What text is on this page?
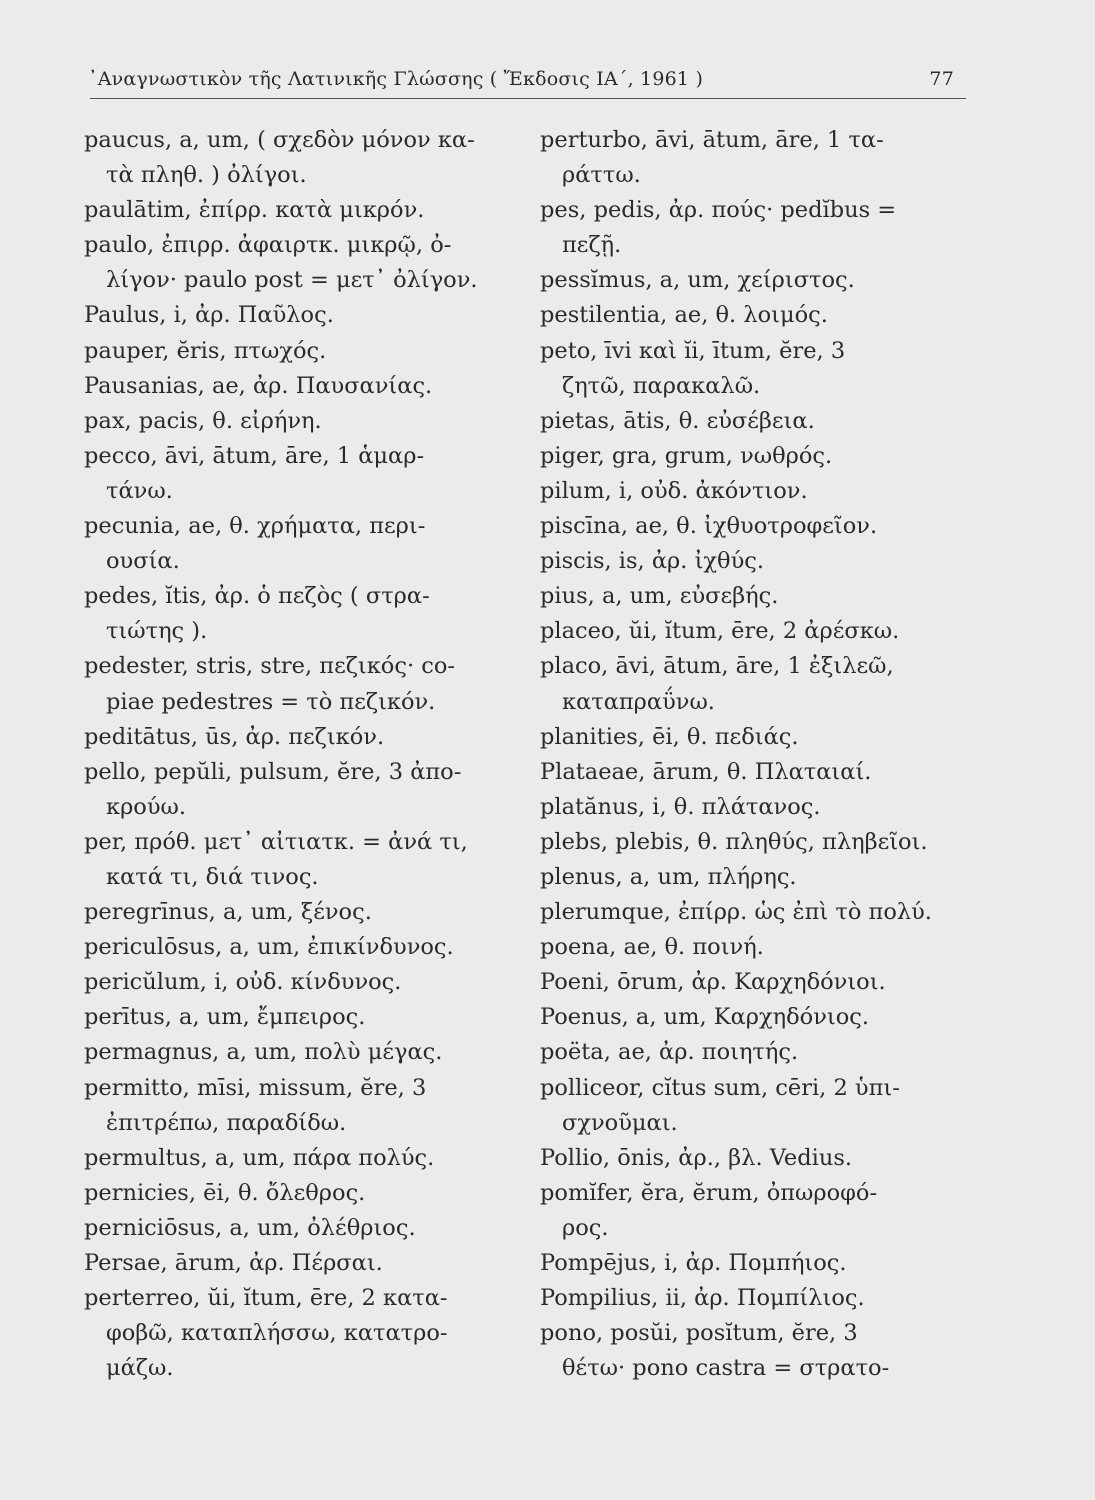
᾿Αναγνωστικὸν τῆς Λατινικῆς Γλώσσης ( Ἔκδοσις ΙΑ΄, 1961 )	77
paucus, a, um, ( σχεδὸν μόνον κα-
τὰ πληθ. ) ὀλίγοι.
paulātim, ἐπίρρ. κατὰ μικρόν.
paulo, ἐπιρρ. ἀφαιρτκ. μικρῷ, ὀ-
λίγον· paulo post = μετ᾽ ὀλίγον.
Paulus, i, ἀρ. Παῦλος.
pauper, ĕris, πτωχός.
Pausanias, ae, ἀρ. Παυσανίας.
pax, pacis, θ. εἰρήνη.
pecco, āvi, ātum, āre, 1 ἁμαρ-
τάνω.
pecunia, ae, θ. χρήματα, περι-
ουσία.
pedes, ĭtis, ἀρ. ὁ πεζὸς ( στρα-
τιώτης ).
pedester, stris, stre, πεζικός· co-
piae pedestres = τὸ πεζικόν.
peditātus, ūs, ἀρ. πεζικόν.
pello, pepŭli, pulsum, ĕre, 3 ἀπο-
κρούω.
per, πρόθ. μετ᾽ αἰτιατκ. = ἀνά τι,
κατά τι, διά τινος.
peregrīnus, a, um, ξένος.
periculōsus, a, um, ἐπικίνδυνος.
pericŭlum, i, οὐδ. κίνδυνος.
perītus, a, um, ἔμπειρος.
permagnus, a, um, πολὺ μέγας.
permitto, mīsi, missum, ĕre, 3
ἐπιτρέπω, παραδίδω.
permultus, a, um, πάρα πολύς.
pernicies, ēi, θ. ὄλεθρος.
perniciōsus, a, um, ὀλέθριος.
Persae, ārum, ἀρ. Πέρσαι.
perterreo, ŭi, ĭtum, ēre, 2 κατα-
φοβῶ, καταπλήσσω, κατατρο-
μάζω.
perturbo, āvi, ātum, āre, 1 τα-
ράττω.
pes, pedis, ἀρ. πούς· pedĭbus =
πεζῇ.
pessĭmus, a, um, χείριστος.
pestilentia, ae, θ. λοιμός.
peto, īvi καὶ ĭi, ītum, ĕre, 3
ζητῶ, παρακαλῶ.
pietas, ātis, θ. εὐσέβεια.
piger, gra, grum, νωθρός.
pilum, i, οὐδ. ἀκόντιον.
piscīna, ae, θ. ἰχθυοτροφεῖον.
piscis, is, ἀρ. ἰχθύς.
pius, a, um, εὐσεβής.
placeo, ŭi, ĭtum, ēre, 2 ἀρέσκω.
placo, āvi, ātum, āre, 1 ἐξιλεῶ,
καταπραΰνω.
planities, ēi, θ. πεδιάς.
Plataeae, ārum, θ. Πλαταιαί.
platănus, i, θ. πλάτανος.
plebs, plebis, θ. πληθύς, πληβεῖοι.
plenus, a, um, πλήρης.
plerumque, ἐπίρρ. ὡς ἐπὶ τὸ πολύ.
poena, ae, θ. ποινή.
Poeni, ōrum, ἀρ. Καρχηδόνιοι.
Poenus, a, um, Καρχηδόνιος.
poëta, ae, ἀρ. ποιητής.
polliceor, cĭtus sum, cēri, 2 ὑπι-
σχνοῦμαι.
Pollio, ōnis, ἀρ., βλ. Vedius.
pomĭfer, ĕra, ĕrum, ὀπωροφό-
ρος.
Pompējus, i, ἀρ. Πομπήιος.
Pompilius, ii, ἀρ. Πομπίλιος.
pono, posŭi, posĭtum, ĕre, 3
θέτω· pono castra = στρατο-
